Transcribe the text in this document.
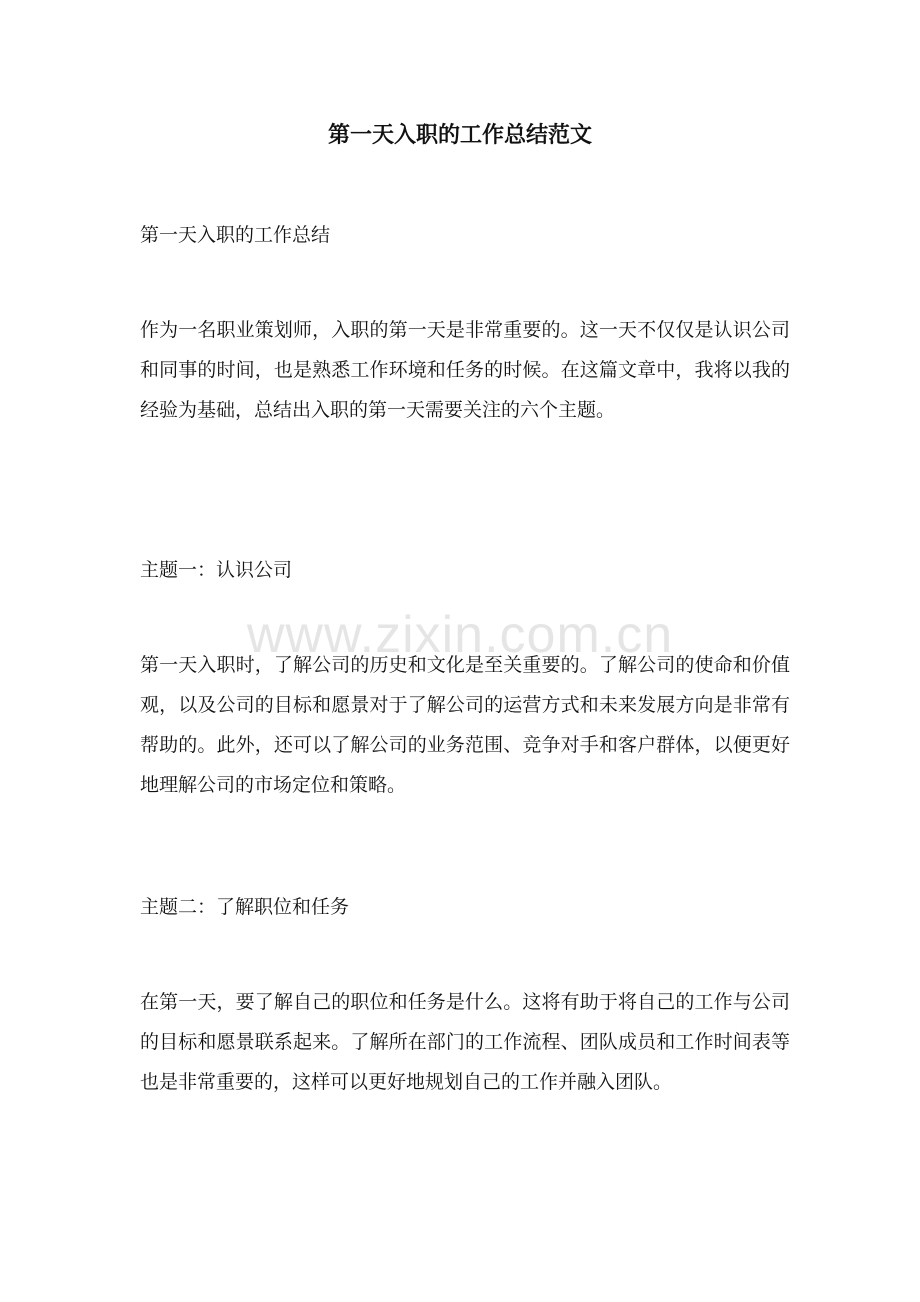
第一天入职的工作总结范文

第一天入职的工作总结

作为一名职业策划师，入职的第一天是非常重要的。这一天不仅仅是认识公司和同事的时间，也是熟悉工作环境和任务的时候。在这篇文章中，我将以我的经验为基础，总结出入职的第一天需要关注的六个主题。

主题一：认识公司

第一天入职时，了解公司的历史和文化是至关重要的。了解公司的使命和价值观，以及公司的目标和愿景对于了解公司的运营方式和未来发展方向是非常有帮助的。此外，还可以了解公司的业务范围、竞争对手和客户群体，以便更好地理解公司的市场定位和策略。

主题二：了解职位和任务

在第一天，要了解自己的职位和任务是什么。这将有助于将自己的工作与公司的目标和愿景联系起来。了解所在部门的工作流程、团队成员和工作时间表等也是非常重要的，这样可以更好地规划自己的工作并融入团队。

www.zixin.com.cn
